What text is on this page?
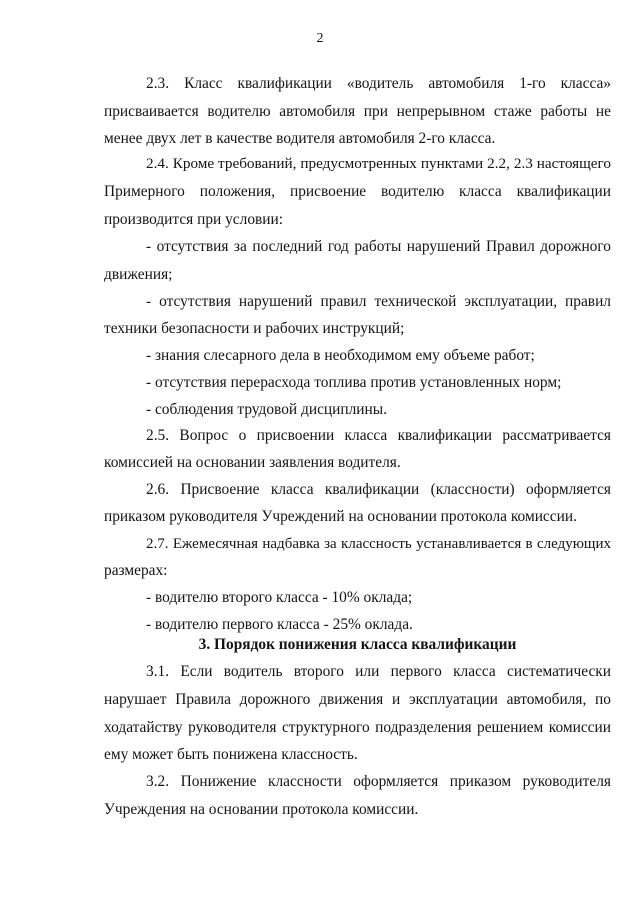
2
2.3. Класс квалификации «водитель автомобиля 1-го класса»
присваивается водителю автомобиля при непрерывном стаже работы не
менее двух лет в качестве водителя автомобиля 2-го класса.
2.4. Кроме требований, предусмотренных пунктами 2.2, 2.3 настоящего
Примерного положения, присвоение водителю класса квалификации
производится при условии:
- отсутствия за последний год работы нарушений Правил дорожного
движения;
- отсутствия нарушений правил технической эксплуатации, правил
техники безопасности и рабочих инструкций;
- знания слесарного дела в необходимом ему объеме работ;
- отсутствия перерасхода топлива против установленных норм;
- соблюдения трудовой дисциплины.
2.5. Вопрос о присвоении класса квалификации рассматривается
комиссией на основании заявления водителя.
2.6. Присвоение класса квалификации (классности) оформляется
приказом руководителя Учреждений на основании протокола комиссии.
2.7. Ежемесячная надбавка за классность устанавливается в следующих
размерах:
- водителю второго класса - 10% оклада;
- водителю первого класса - 25% оклада.
3. Порядок понижения класса квалификации
3.1. Если водитель второго или первого класса систематически
нарушает Правила дорожного движения и эксплуатации автомобиля, по
ходатайству руководителя структурного подразделения решением комиссии
ему может быть понижена классность.
3.2. Понижение классности оформляется приказом руководителя
Учреждения на основании протокола комиссии.
